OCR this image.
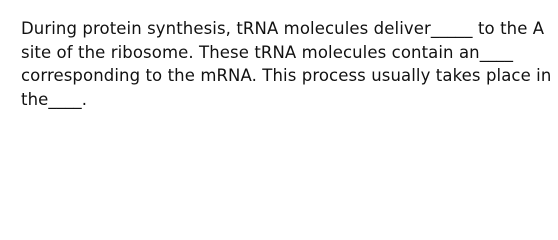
During protein synthesis, tRNA molecules deliver_____ to the A
site of the ribosome. These tRNA molecules contain an____
corresponding to the mRNA. This process usually takes place in
the____.
